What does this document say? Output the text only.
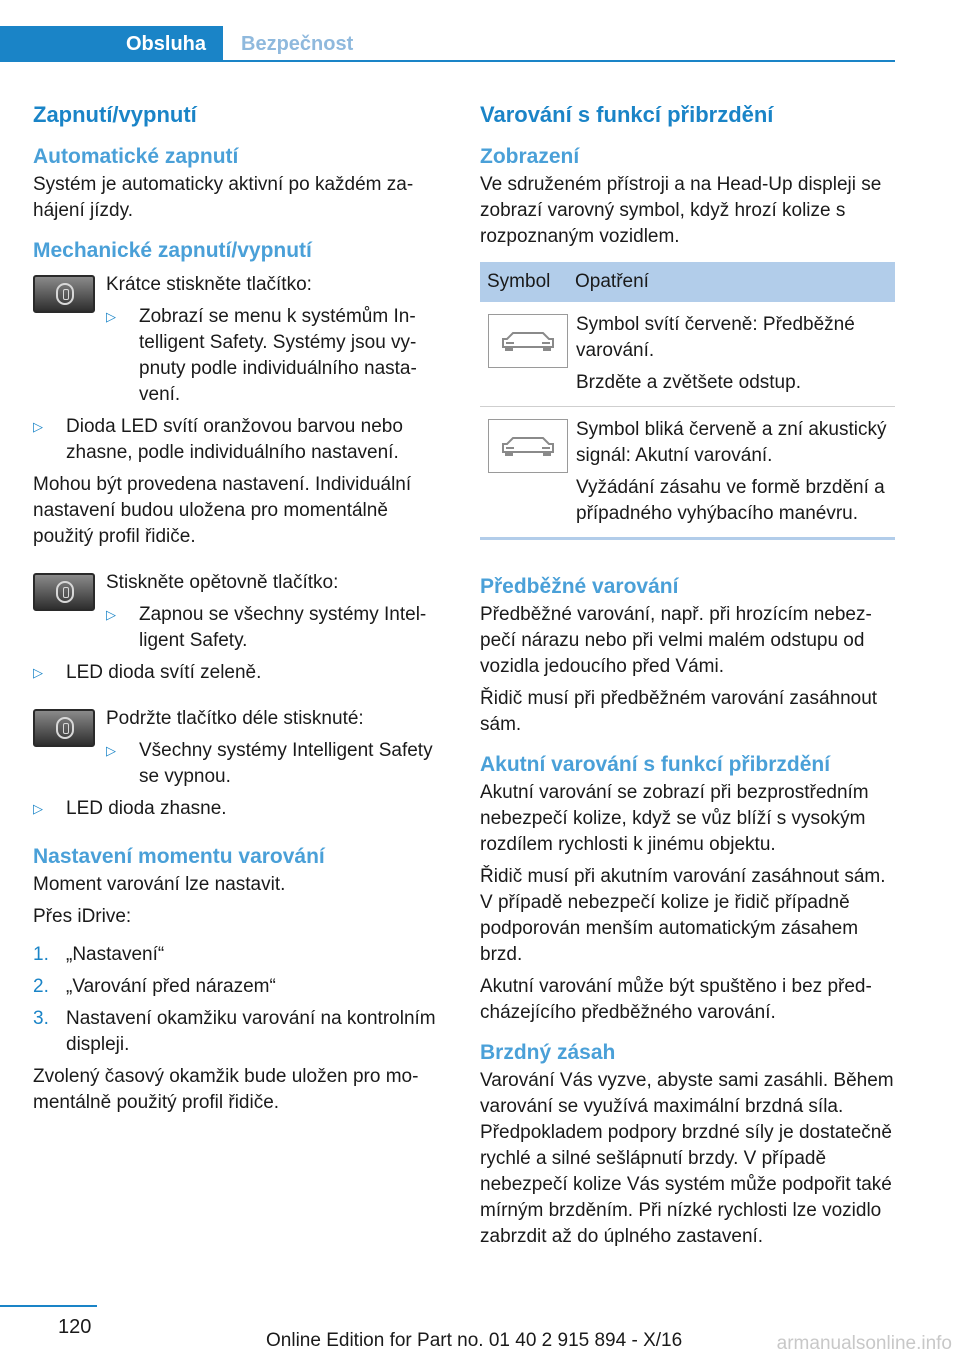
Obsluha	Bezpečnost
Zapnutí/vypnutí
Automatické zapnutí

Systém je automaticky aktivní po každém zahájení jízdy.

Mechanické zapnutí/vypnutí

Krátce stiskněte tlačítko:

▷ Zobrazí se menu k systémům Intelligent Safety. Systémy jsou vypnuty podle individuálního nastavení.
▷ Dioda LED svítí oranžovou barvou nebo zhasne, podle individuálního nastavení.

Mohou být provedena nastavení. Individuální nastavení budou uložena pro momentálně použitý profil řidiče.

Stiskněte opětovně tlačítko:

▷ Zapnou se všechny systémy Intelligent Safety.
▷ LED dioda svítí zeleně.

Podržte tlačítko déle stisknuté:

▷ Všechny systémy Intelligent Safety se vypnou.
▷ LED dioda zhasne.
Nastavení momentu varování

Moment varování lze nastavit.

Přes iDrive:

1. „Nastavení“
2. „Varování před nárazem“
3. Nastavení okamžiku varování na kontrolním displeji.

Zvolený časový okamžik bude uložen pro momentálně použitý profil řidiče.

Varování s funkcí přibrzdění
Zobrazení

Ve sdruženém přístroji a na Head-Up displeji se zobrazí varovný symbol, když hrozí kolize s rozpoznaným vozidlem.

Symbol	Opatření

Symbol svítí červeně: Předběžné varování.

Brzděte a zvětšete odstup.

Symbol bliká červeně a zní akustický signál: Akutní varování.

Vyžádání zásahu ve formě brzdění a případného vyhýbacího manévru.

Předběžné varování

Předběžné varování, např. při hrozícím nebezpečí nárazu nebo při velmi malém odstupu od vozidla jedoucího před Vámi.

Řidič musí při předběžném varování zasáhnout sám.

Akutní varování s funkcí přibrzdění

Akutní varování se zobrazí při bezprostředním nebezpečí kolize, když se vůz blíží s vysokým rozdílem rychlosti k jinému objektu.

Řidič musí při akutním varování zasáhnout sám. V případě nebezpečí kolize je řidič případně podporován menším automatickým zásahem brzd.

Akutní varování může být spuštěno i bez předcházejícího předběžného varování.

Brzdný zásah

Varování Vás vyzve, abyste sami zasáhli. Během varování se využívá maximální brzdná síla. Předpokladem podpory brzdné síly je dostatečně rychlé a silné sešlápnutí brzdy. V případě nebezpečí kolize Vás systém může podpořit také mírným brzděním. Při nízké rychlosti lze vozidlo zabrzdit až do úplného zastavení.

120
Online Edition for Part no. 01 40 2 915 894 - X/16	armanualsonline.info
